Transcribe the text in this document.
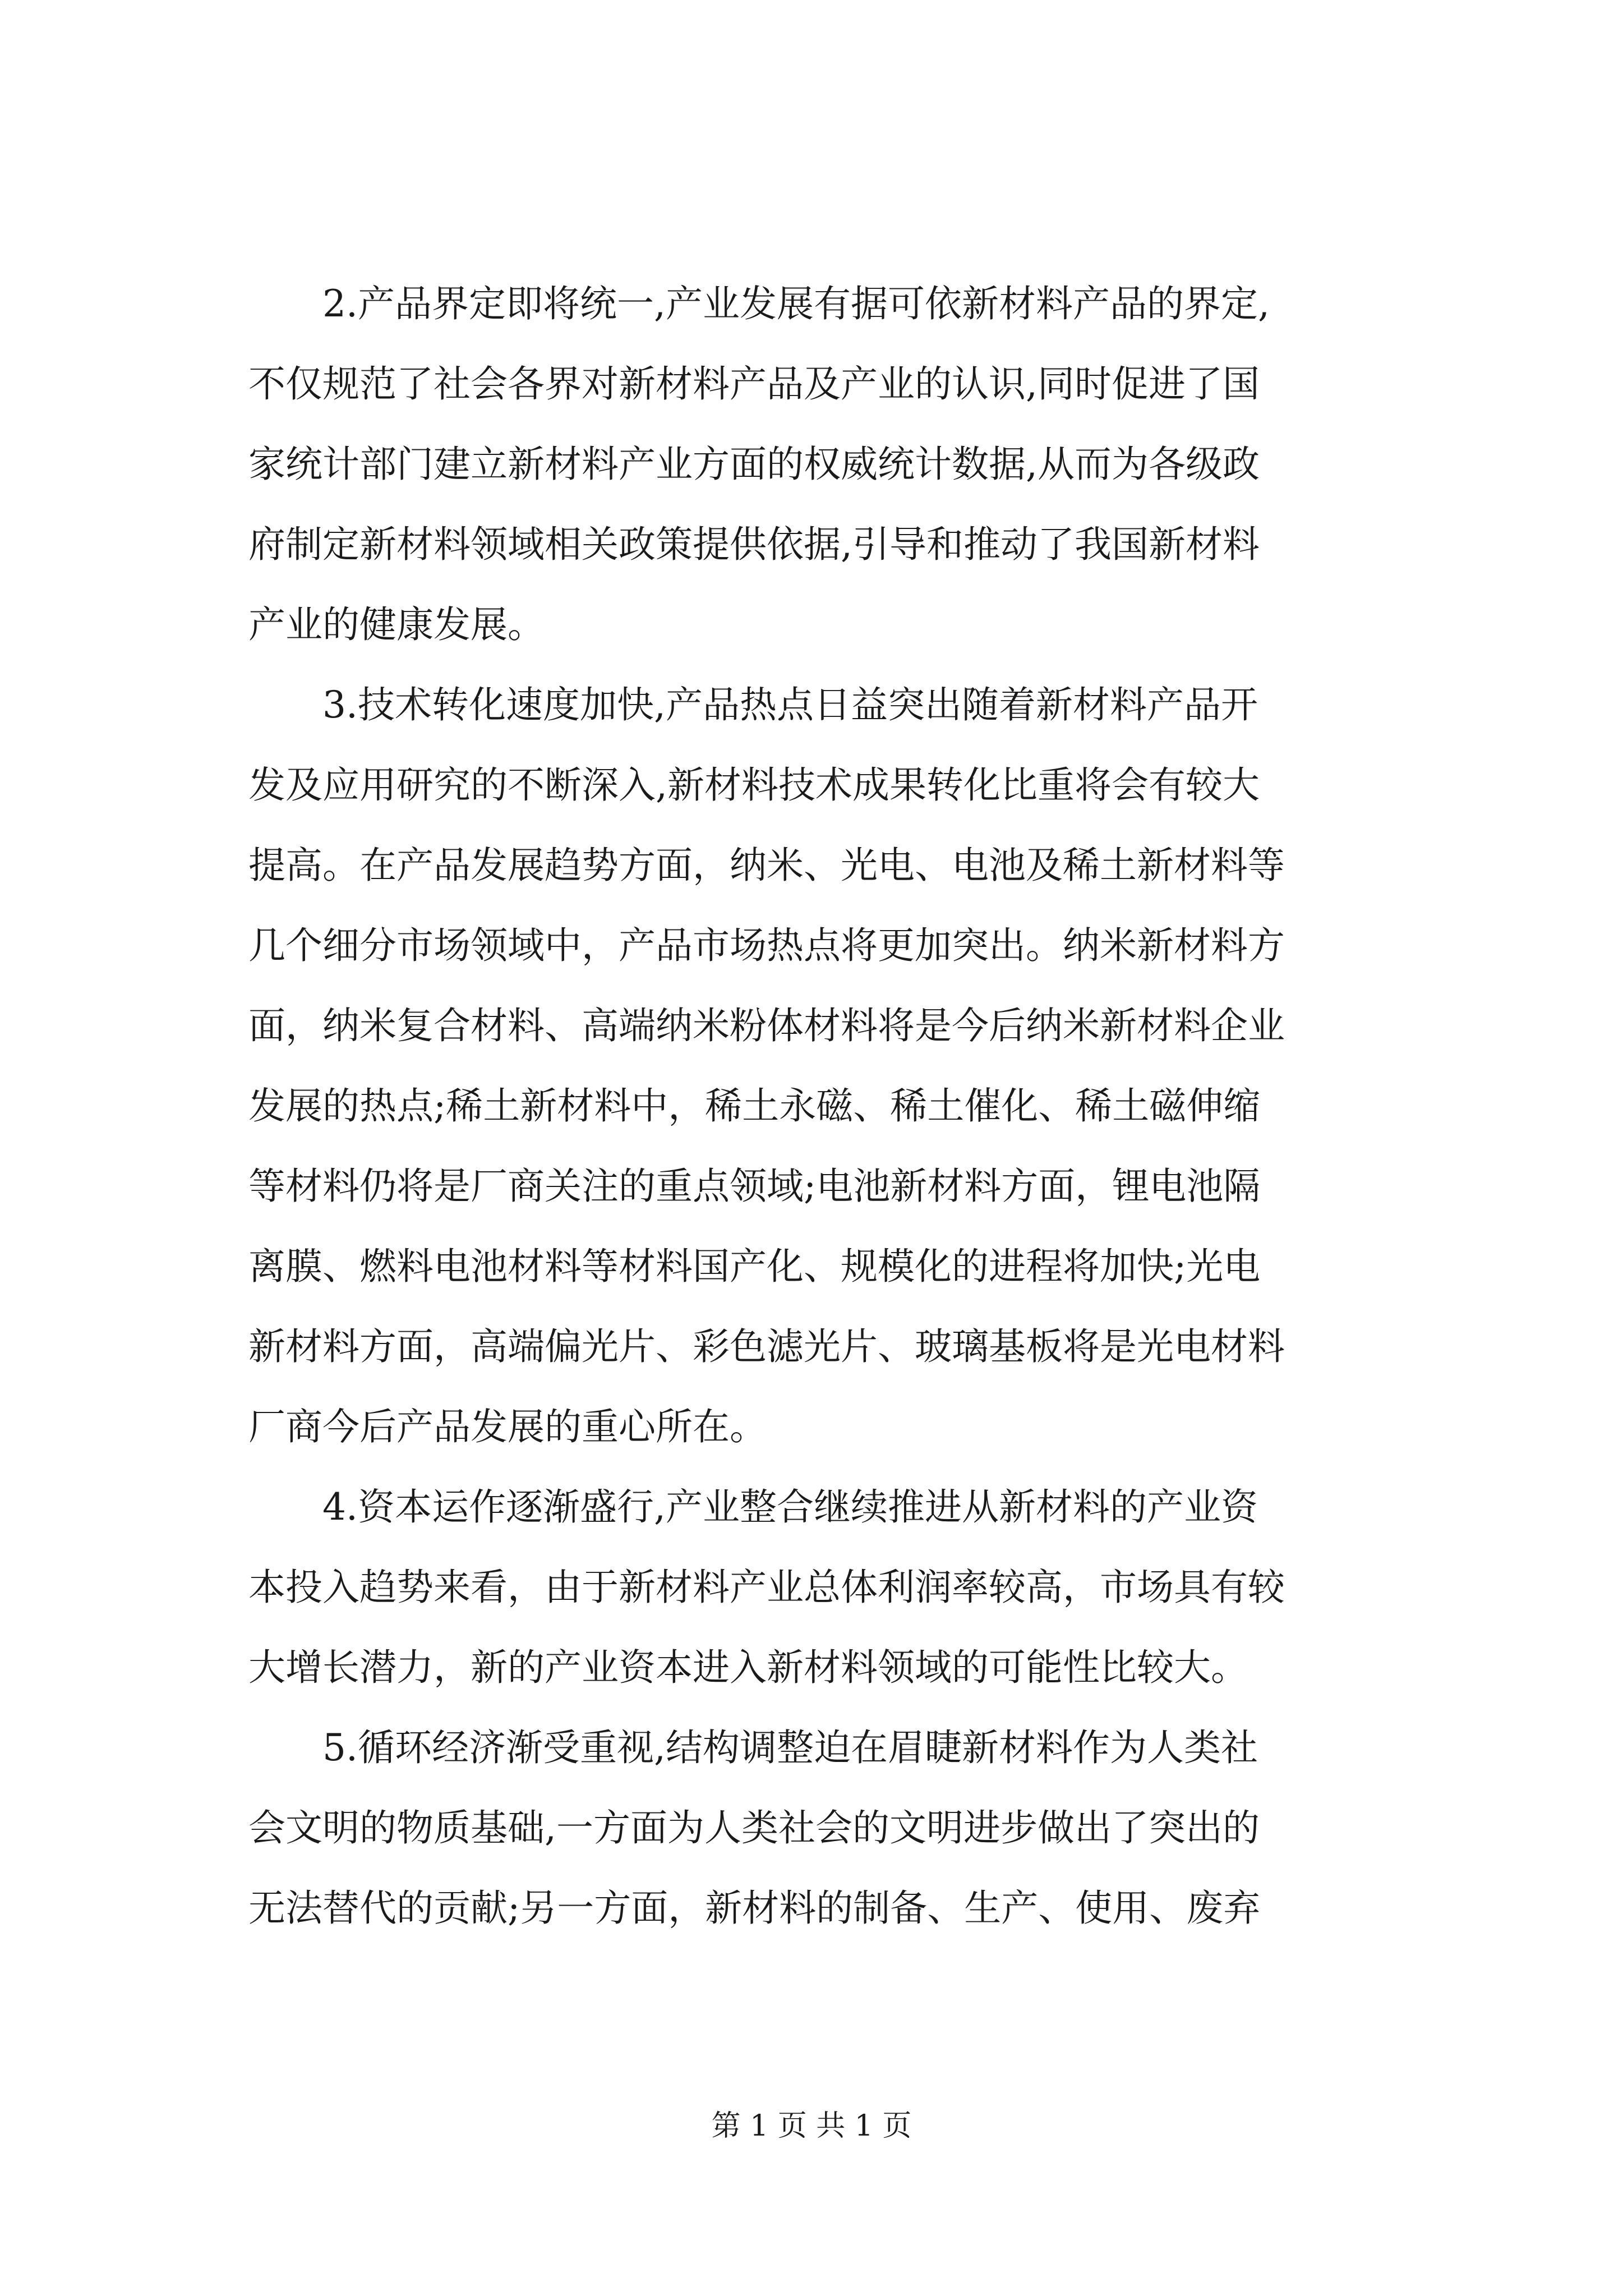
2.产品界定即将统一,产业发展有据可依新材料产品的界定,
不仅规范了社会各界对新材料产品及产业的认识,同时促进了国
家统计部门建立新材料产业方面的权威统计数据,从而为各级政
府制定新材料领域相关政策提供依据,引导和推动了我国新材料
产业的健康发展。
3.技术转化速度加快,产品热点日益突出随着新材料产品开
发及应用研究的不断深入,新材料技术成果转化比重将会有较大
提高。在产品发展趋势方面，纳米、光电、电池及稀土新材料等
几个细分市场领域中，产品市场热点将更加突出。纳米新材料方
面，纳米复合材料、高端纳米粉体材料将是今后纳米新材料企业
发展的热点;稀土新材料中，稀土永磁、稀土催化、稀土磁伸缩
等材料仍将是厂商关注的重点领域;电池新材料方面，锂电池隔
离膜、燃料电池材料等材料国产化、规模化的进程将加快;光电
新材料方面，高端偏光片、彩色滤光片、玻璃基板将是光电材料
厂商今后产品发展的重心所在。
4.资本运作逐渐盛行,产业整合继续推进从新材料的产业资
本投入趋势来看，由于新材料产业总体利润率较高，市场具有较
大增长潜力，新的产业资本进入新材料领域的可能性比较大。
5.循环经济渐受重视,结构调整迫在眉睫新材料作为人类社
会文明的物质基础,一方面为人类社会的文明进步做出了突出的
无法替代的贡献;另一方面，新材料的制备、生产、使用、废弃
第 1 页 共 1 页
